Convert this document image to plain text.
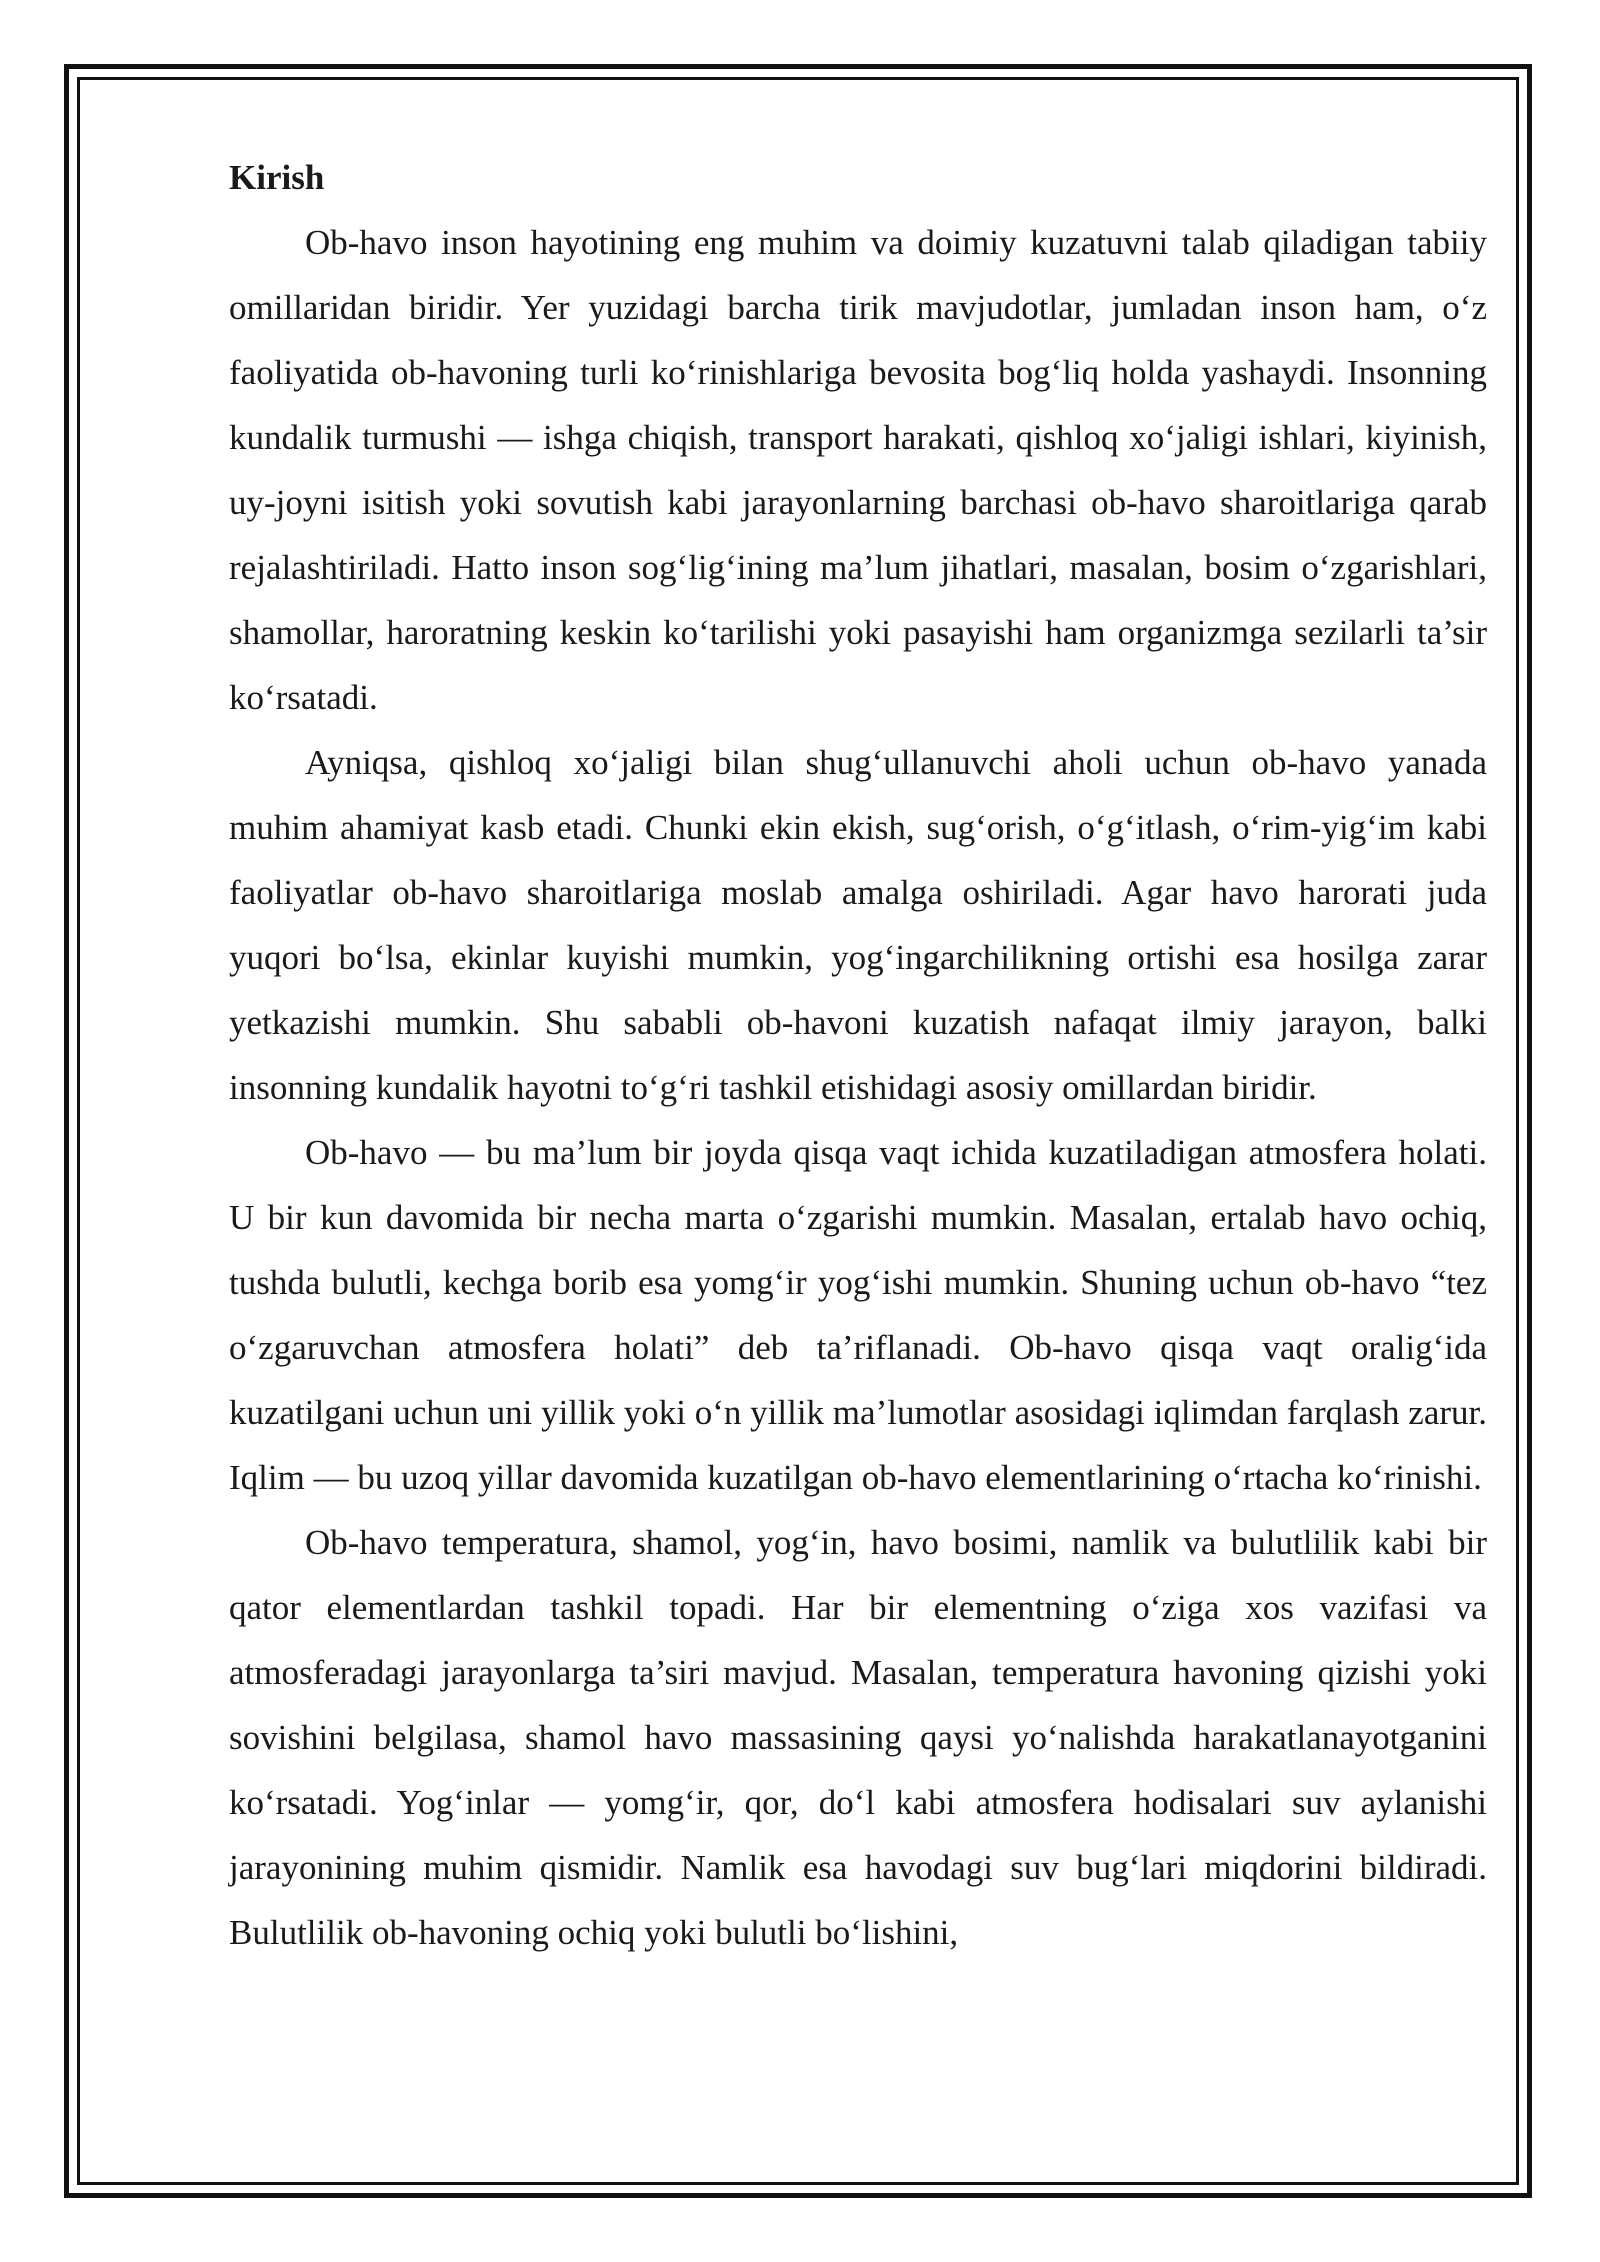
Kirish

Ob-havo inson hayotining eng muhim va doimiy kuzatuvni talab qiladigan tabiiy omillaridan biridir. Yer yuzidagi barcha tirik mavjudotlar, jumladan inson ham, o‘z faoliyatida ob-havoning turli ko‘rinishlariga bevosita bog‘liq holda yashaydi. Insonning kundalik turmushi — ishga chiqish, transport harakati, qishloq xo‘jaligi ishlari, kiyinish, uy-joyni isitish yoki sovutish kabi jarayonlarning barchasi ob-havo sharoitlariga qarab rejalashtiriladi. Hatto inson sog‘lig‘ining ma’lum jihatlari, masalan, bosim o‘zgarishlari, shamollar, haroratning keskin ko‘tarilishi yoki pasayishi ham organizmga sezilarli ta’sir ko‘rsatadi.

Ayniqsa, qishloq xo‘jaligi bilan shug‘ullanuvchi aholi uchun ob-havo yanada muhim ahamiyat kasb etadi. Chunki ekin ekish, sug‘orish, o‘g‘itlash, o‘rim-yig‘im kabi faoliyatlar ob-havo sharoitlariga moslab amalga oshiriladi. Agar havo harorati juda yuqori bo‘lsa, ekinlar kuyishi mumkin, yog‘ingarchilikning ortishi esa hosilga zarar yetkazishi mumkin. Shu sababli ob-havoni kuzatish nafaqat ilmiy jarayon, balki insonning kundalik hayotni to‘g‘ri tashkil etishidagi asosiy omillardan biridir.

Ob-havo — bu ma’lum bir joyda qisqa vaqt ichida kuzatiladigan atmosfera holati. U bir kun davomida bir necha marta o‘zgarishi mumkin. Masalan, ertalab havo ochiq, tushda bulutli, kechga borib esa yomg‘ir yog‘ishi mumkin. Shuning uchun ob-havo “tez o‘zgaruvchan atmosfera holati” deb ta’riflanadi. Ob-havo qisqa vaqt oralig‘ida kuzatilgani uchun uni yillik yoki o‘n yillik ma’lumotlar asosidagi iqlimdan farqlash zarur. Iqlim — bu uzoq yillar davomida kuzatilgan ob-havo elementlarining o‘rtacha ko‘rinishi.

Ob-havo temperatura, shamol, yog‘in, havo bosimi, namlik va bulutlilik kabi bir qator elementlardan tashkil topadi. Har bir elementning o‘ziga xos vazifasi va atmosferadagi jarayonlarga ta’siri mavjud. Masalan, temperatura havoning qizishi yoki sovishini belgilasa, shamol havo massasining qaysi yo‘nalishda harakatlanayotganini ko‘rsatadi. Yog‘inlar — yomg‘ir, qor, do‘l kabi atmosfera hodisalari suv aylanishi jarayonining muhim qismidir. Namlik esa havodagi suv bug‘lari miqdorini bildiradi. Bulutlilik ob-havoning ochiq yoki bulutli bo‘lishini,
